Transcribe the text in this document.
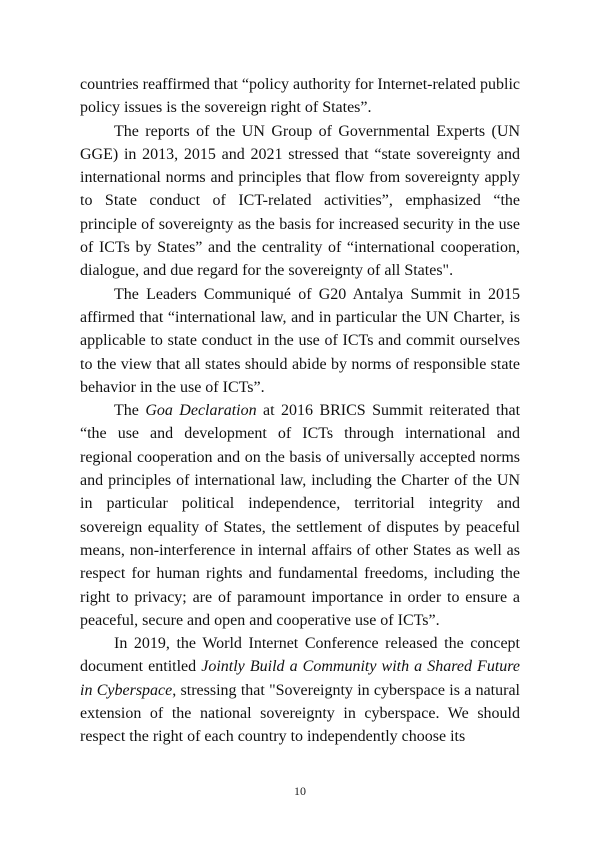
countries reaffirmed that “policy authority for Internet-related public policy issues is the sovereign right of States”.

The reports of the UN Group of Governmental Experts (UN GGE) in 2013, 2015 and 2021 stressed that “state sovereignty and international norms and principles that flow from sovereignty apply to State conduct of ICT-related activities”, emphasized “the principle of sovereignty as the basis for increased security in the use of ICTs by States” and the centrality of “international cooperation, dialogue, and due regard for the sovereignty of all States".

The Leaders Communiqué of G20 Antalya Summit in 2015 affirmed that “international law, and in particular the UN Charter, is applicable to state conduct in the use of ICTs and commit ourselves to the view that all states should abide by norms of responsible state behavior in the use of ICTs”.

The Goa Declaration at 2016 BRICS Summit reiterated that “the use and development of ICTs through international and regional cooperation and on the basis of universally accepted norms and principles of international law, including the Charter of the UN in particular political independence, territorial integrity and sovereign equality of States, the settlement of disputes by peaceful means, non-interference in internal affairs of other States as well as respect for human rights and fundamental freedoms, including the right to privacy; are of paramount importance in order to ensure a peaceful, secure and open and cooperative use of ICTs”.

In 2019, the World Internet Conference released the concept document entitled Jointly Build a Community with a Shared Future in Cyberspace, stressing that "Sovereignty in cyberspace is a natural extension of the national sovereignty in cyberspace. We should respect the right of each country to independently choose its

10
